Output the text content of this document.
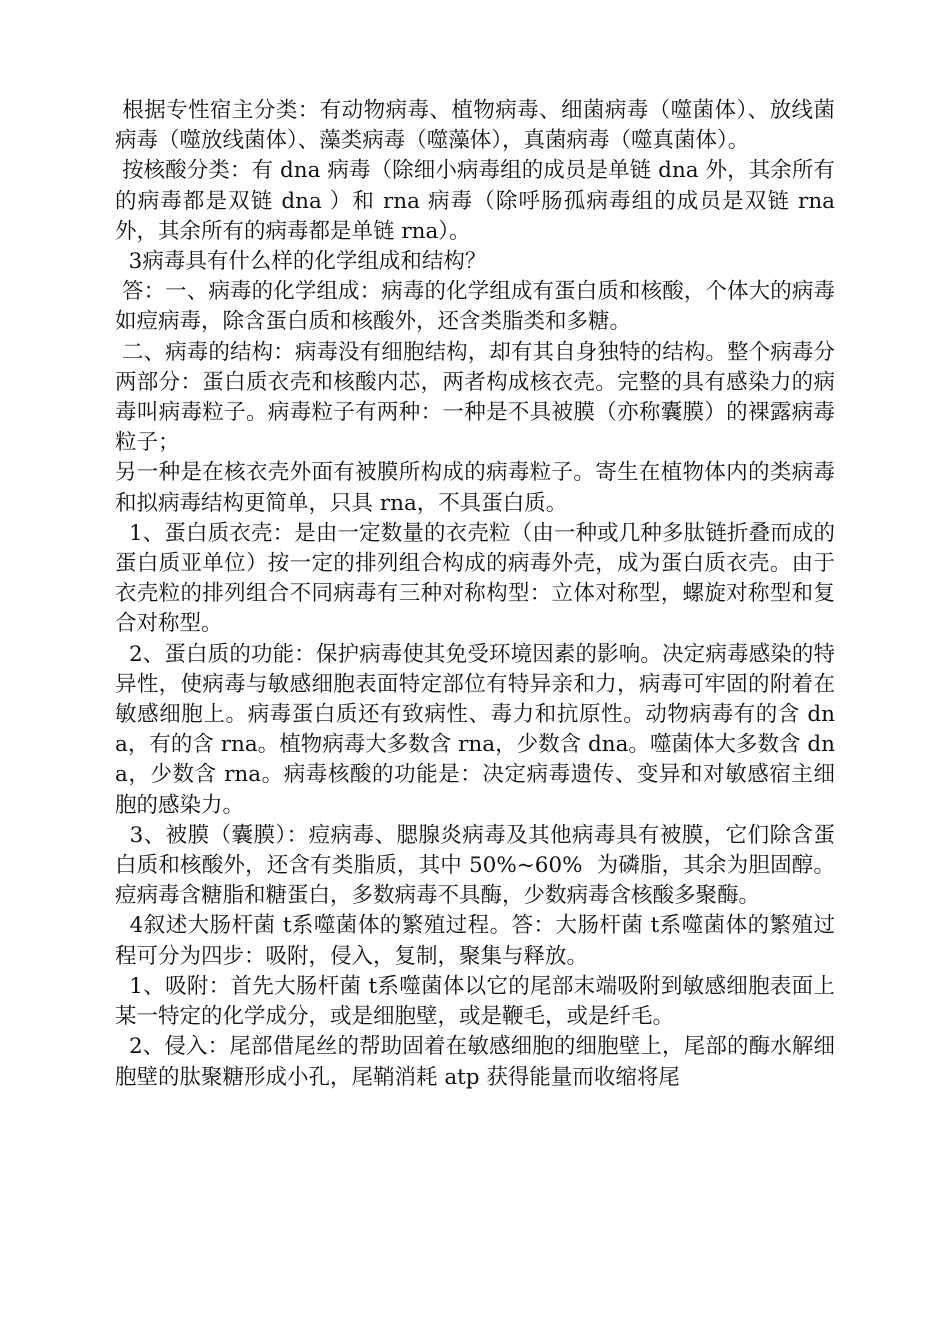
根据专性宿主分类：有动物病毒、植物病毒、细菌病毒（噬菌体）、放线菌病毒（噬放线菌体）、藻类病毒（噬藻体），真菌病毒（噬真菌体）。

按核酸分类：有 dna 病毒（除细小病毒组的成员是单链 dna 外，其余所有的病毒都是双链 dna ）和 rna 病毒（除呼肠孤病毒组的成员是双链 rna 外，其余所有的病毒都是单链 rna）。

3病毒具有什么样的化学组成和结构？

答：一、病毒的化学组成：病毒的化学组成有蛋白质和核酸，个体大的病毒如痘病毒，除含蛋白质和核酸外，还含类脂类和多糖。

二、病毒的结构：病毒没有细胞结构，却有其自身独特的结构。整个病毒分两部分：蛋白质衣壳和核酸内芯，两者构成核衣壳。完整的具有感染力的病毒叫病毒粒子。病毒粒子有两种：一种是不具被膜（亦称囊膜）的裸露病毒粒子；

另一种是在核衣壳外面有被膜所构成的病毒粒子。寄生在植物体内的类病毒和拟病毒结构更简单，只具 rna，不具蛋白质。

1、蛋白质衣壳：是由一定数量的衣壳粒（由一种或几种多肽链折叠而成的蛋白质亚单位）按一定的排列组合构成的病毒外壳，成为蛋白质衣壳。由于衣壳粒的排列组合不同病毒有三种对称构型：立体对称型，螺旋对称型和复合对称型。

2、蛋白质的功能：保护病毒使其免受环境因素的影响。决定病毒感染的特异性，使病毒与敏感细胞表面特定部位有特异亲和力，病毒可牢固的附着在敏感细胞上。病毒蛋白质还有致病性、毒力和抗原性。动物病毒有的含 dna，有的含 rna。植物病毒大多数含 rna，少数含 dna。噬菌体大多数含 dna，少数含 rna。病毒核酸的功能是：决定病毒遗传、变异和对敏感宿主细胞的感染力。

3、被膜（囊膜）：痘病毒、腮腺炎病毒及其他病毒具有被膜，它们除含蛋白质和核酸外，还含有类脂质，其中 50%~60%  为磷脂，其余为胆固醇。痘病毒含糖脂和糖蛋白，多数病毒不具酶，少数病毒含核酸多聚酶。

4叙述大肠杆菌 t系噬菌体的繁殖过程。答：大肠杆菌 t系噬菌体的繁殖过程可分为四步：吸附，侵入，复制，聚集与释放。

1、吸附：首先大肠杆菌 t系噬菌体以它的尾部末端吸附到敏感细胞表面上某一特定的化学成分，或是细胞壁，或是鞭毛，或是纤毛。

2、侵入：尾部借尾丝的帮助固着在敏感细胞的细胞壁上，尾部的酶水解细胞壁的肽聚糖形成小孔，尾鞘消耗 atp 获得能量而收缩将尾
